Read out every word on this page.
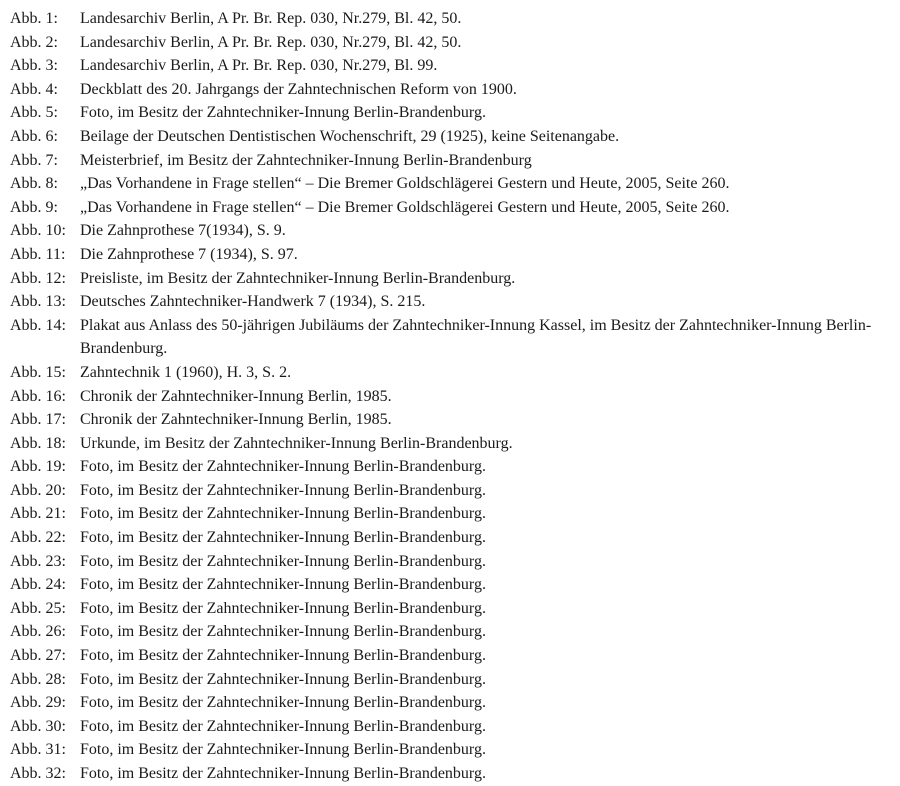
Abb. 1:	Landesarchiv Berlin, A Pr. Br. Rep. 030, Nr.279, Bl. 42, 50.
Abb. 2:	Landesarchiv Berlin, A Pr. Br. Rep. 030, Nr.279, Bl. 42, 50.
Abb. 3:	Landesarchiv Berlin, A Pr. Br. Rep. 030, Nr.279, Bl. 99.
Abb. 4:	Deckblatt des 20. Jahrgangs der Zahntechnischen Reform von 1900.
Abb. 5:	Foto, im Besitz der Zahntechniker-Innung Berlin-Brandenburg.
Abb. 6:	Beilage der Deutschen Dentistischen Wochenschrift, 29 (1925), keine Seitenangabe.
Abb. 7:	Meisterbrief, im Besitz der Zahntechniker-Innung Berlin-Brandenburg
Abb. 8:	„Das Vorhandene in Frage stellen“ – Die Bremer Goldschlägerei Gestern und Heute, 2005, Seite 260.
Abb. 9:	„Das Vorhandene in Frage stellen“ – Die Bremer Goldschlägerei Gestern und Heute, 2005, Seite 260.
Abb. 10: Die Zahnprothese 7(1934), S. 9.
Abb. 11: Die Zahnprothese 7 (1934), S. 97.
Abb. 12: Preisliste, im Besitz der Zahntechniker-Innung Berlin-Brandenburg.
Abb. 13: Deutsches Zahntechniker-Handwerk 7 (1934), S. 215.
Abb. 14: Plakat aus Anlass des 50-jährigen Jubiläums der Zahntechniker-Innung Kassel, im Besitz der Zahntechniker-Innung Berlin-Brandenburg.
Abb. 15: Zahntechnik 1 (1960), H. 3, S. 2.
Abb. 16: Chronik der Zahntechniker-Innung Berlin, 1985.
Abb. 17: Chronik der Zahntechniker-Innung Berlin, 1985.
Abb. 18: Urkunde, im Besitz der Zahntechniker-Innung Berlin-Brandenburg.
Abb. 19: Foto, im Besitz der Zahntechniker-Innung Berlin-Brandenburg.
Abb. 20: Foto, im Besitz der Zahntechniker-Innung Berlin-Brandenburg.
Abb. 21: Foto, im Besitz der Zahntechniker-Innung Berlin-Brandenburg.
Abb. 22: Foto, im Besitz der Zahntechniker-Innung Berlin-Brandenburg.
Abb. 23: Foto, im Besitz der Zahntechniker-Innung Berlin-Brandenburg.
Abb. 24: Foto, im Besitz der Zahntechniker-Innung Berlin-Brandenburg.
Abb. 25: Foto, im Besitz der Zahntechniker-Innung Berlin-Brandenburg.
Abb. 26: Foto, im Besitz der Zahntechniker-Innung Berlin-Brandenburg.
Abb. 27: Foto, im Besitz der Zahntechniker-Innung Berlin-Brandenburg.
Abb. 28: Foto, im Besitz der Zahntechniker-Innung Berlin-Brandenburg.
Abb. 29: Foto, im Besitz der Zahntechniker-Innung Berlin-Brandenburg.
Abb. 30: Foto, im Besitz der Zahntechniker-Innung Berlin-Brandenburg.
Abb. 31: Foto, im Besitz der Zahntechniker-Innung Berlin-Brandenburg.
Abb. 32: Foto, im Besitz der Zahntechniker-Innung Berlin-Brandenburg.
